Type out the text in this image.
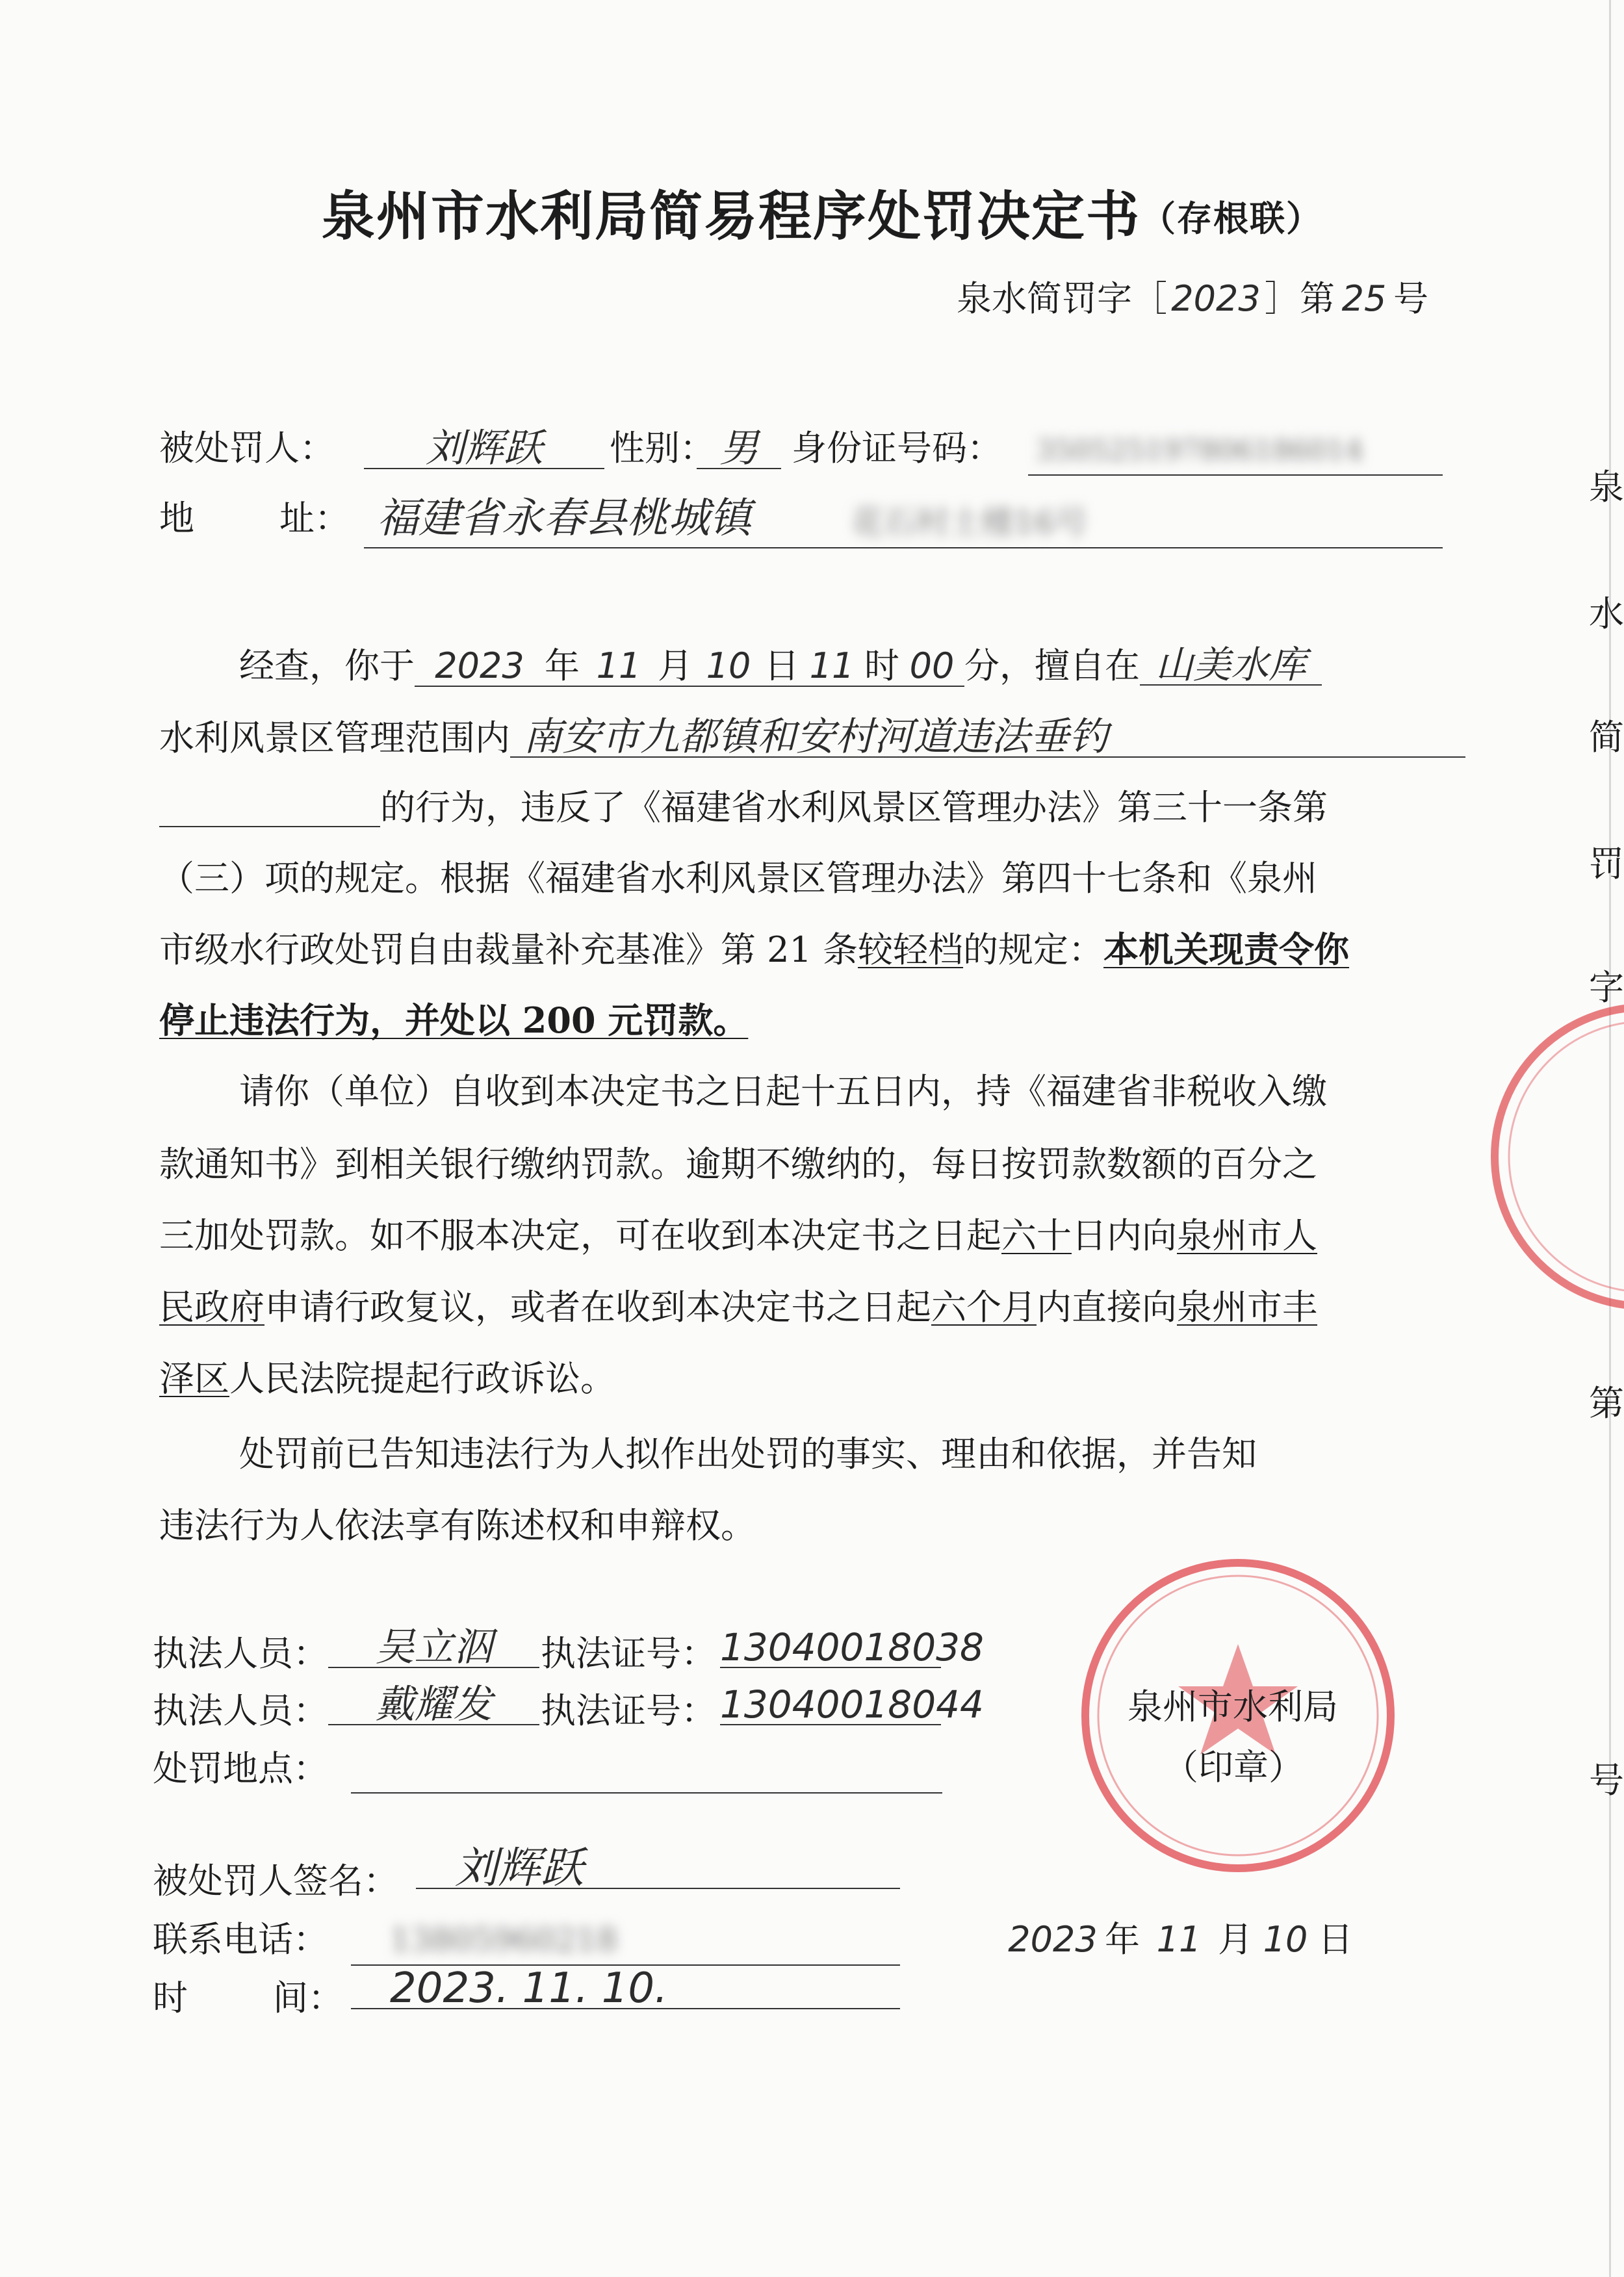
泉州市水利局简易程序处罚决定书（存根联）
泉水简罚字［ 2023 ］第 25 号
被处罚人：	刘辉跃	性别： 男 身份证号码： 350525197806186014
地 址： 福建省永春县桃城镇	花石村土楼16号
经查，你于 2023 年 11 月 10 日 11 时 00 分，擅自在 山美水库
水利风景区管理范围内 南安市九都镇和安村河道违法垂钓
的行为，违反了《福建省水利风景区管理办法》第三十一条第
（三）项的规定。根据《福建省水利风景区管理办法》第四十七条和《泉州
市级水行政处罚自由裁量补充基准》第 21 条较轻档的规定：本机关现责令你
停止违法行为，并处以 200 元罚款。
请你（单位）自收到本决定书之日起十五日内，持《福建省非税收入缴
款通知书》到相关银行缴纳罚款。逾期不缴纳的，每日按罚款数额的百分之
三加处罚款。如不服本决定，可在收到本决定书之日起六十日内向泉州市人
民政府申请行政复议，或者在收到本决定书之日起六个月内直接向泉州市丰
泽区人民法院提起行政诉讼。
处罚前已告知违法行为人拟作出处罚的事实、理由和依据，并告知
违法行为人依法享有陈述权和申辩权。
执法人员：	吴立泅	执法证号： 13040018038
执法人员：	戴耀发	执法证号： 13040018044
处罚地点：
泉州市水利局
（印章）
被处罚人签名：	刘辉跃
联系电话： 13805960218
时 间：	2023. 11. 10.
2023 年 11 月 10 日
泉
水
简
罚
字
第
号
